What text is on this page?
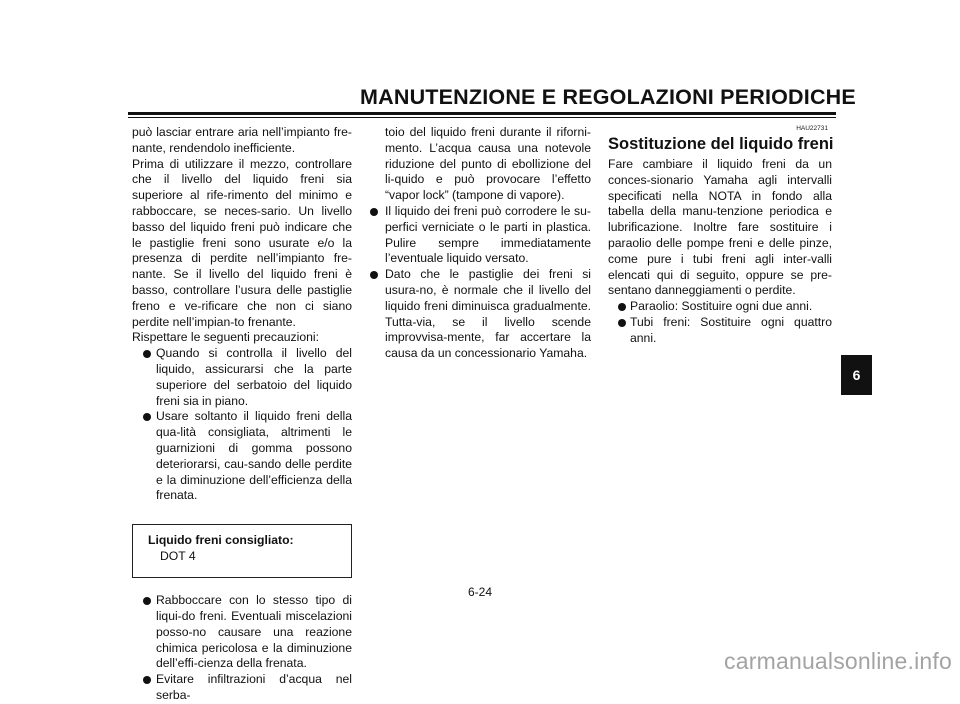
MANUTENZIONE E REGOLAZIONI PERIODICHE

può lasciar entrare aria nell’impianto fre-nante, rendendolo inefficiente.

Prima di utilizzare il mezzo, controllare che il livello del liquido freni sia superiore al rife-rimento del minimo e rabboccare, se neces-sario. Un livello basso del liquido freni può indicare che le pastiglie freni sono usurate e/o la presenza di perdite nell’impianto fre-nante. Se il livello del liquido freni è basso, controllare l’usura delle pastiglie freno e ve-rificare che non ci siano perdite nell’impian-to frenante.

Rispettare le seguenti precauzioni:

Quando si controlla il livello del liquido, assicurarsi che la parte superiore del serbatoio del liquido freni sia in piano.
Usare soltanto il liquido freni della qua-lità consigliata, altrimenti le guarnizioni di gomma possono deteriorarsi, cau-sando delle perdite e la diminuzione dell’efficienza della frenata.
Liquido freni consigliato:
DOT 4
Rabboccare con lo stesso tipo di liqui-do freni. Eventuali miscelazioni posso-no causare una reazione chimica pericolosa e la diminuzione dell’effi-cienza della frenata.
Evitare infiltrazioni d’acqua nel serba-

toio del liquido freni durante il riforni-mento. L’acqua causa una notevole riduzione del punto di ebollizione del li-quido e può provocare l’effetto “vapor lock” (tampone di vapore).

Il liquido dei freni può corrodere le su-perfici verniciate o le parti in plastica. Pulire sempre immediatamente l’eventuale liquido versato.
Dato che le pastiglie dei freni si usura-no, è normale che il livello del liquido freni diminuisca gradualmente. Tutta-via, se il livello scende improvvisa-mente, far accertare la causa da un concessionario Yamaha.
HAU22731
Sostituzione del liquido freni

Fare cambiare il liquido freni da un conces-sionario Yamaha agli intervalli specificati nella NOTA in fondo alla tabella della manu-tenzione periodica e lubrificazione. Inoltre fare sostituire i paraolio delle pompe freni e delle pinze, come pure i tubi freni agli inter-valli elencati qui di seguito, oppure se pre-sentano danneggiamenti o perdite.

Paraolio: Sostituire ogni due anni.
Tubi freni: Sostituire ogni quattro anni.
6
6-24
carmanualsonline.info
